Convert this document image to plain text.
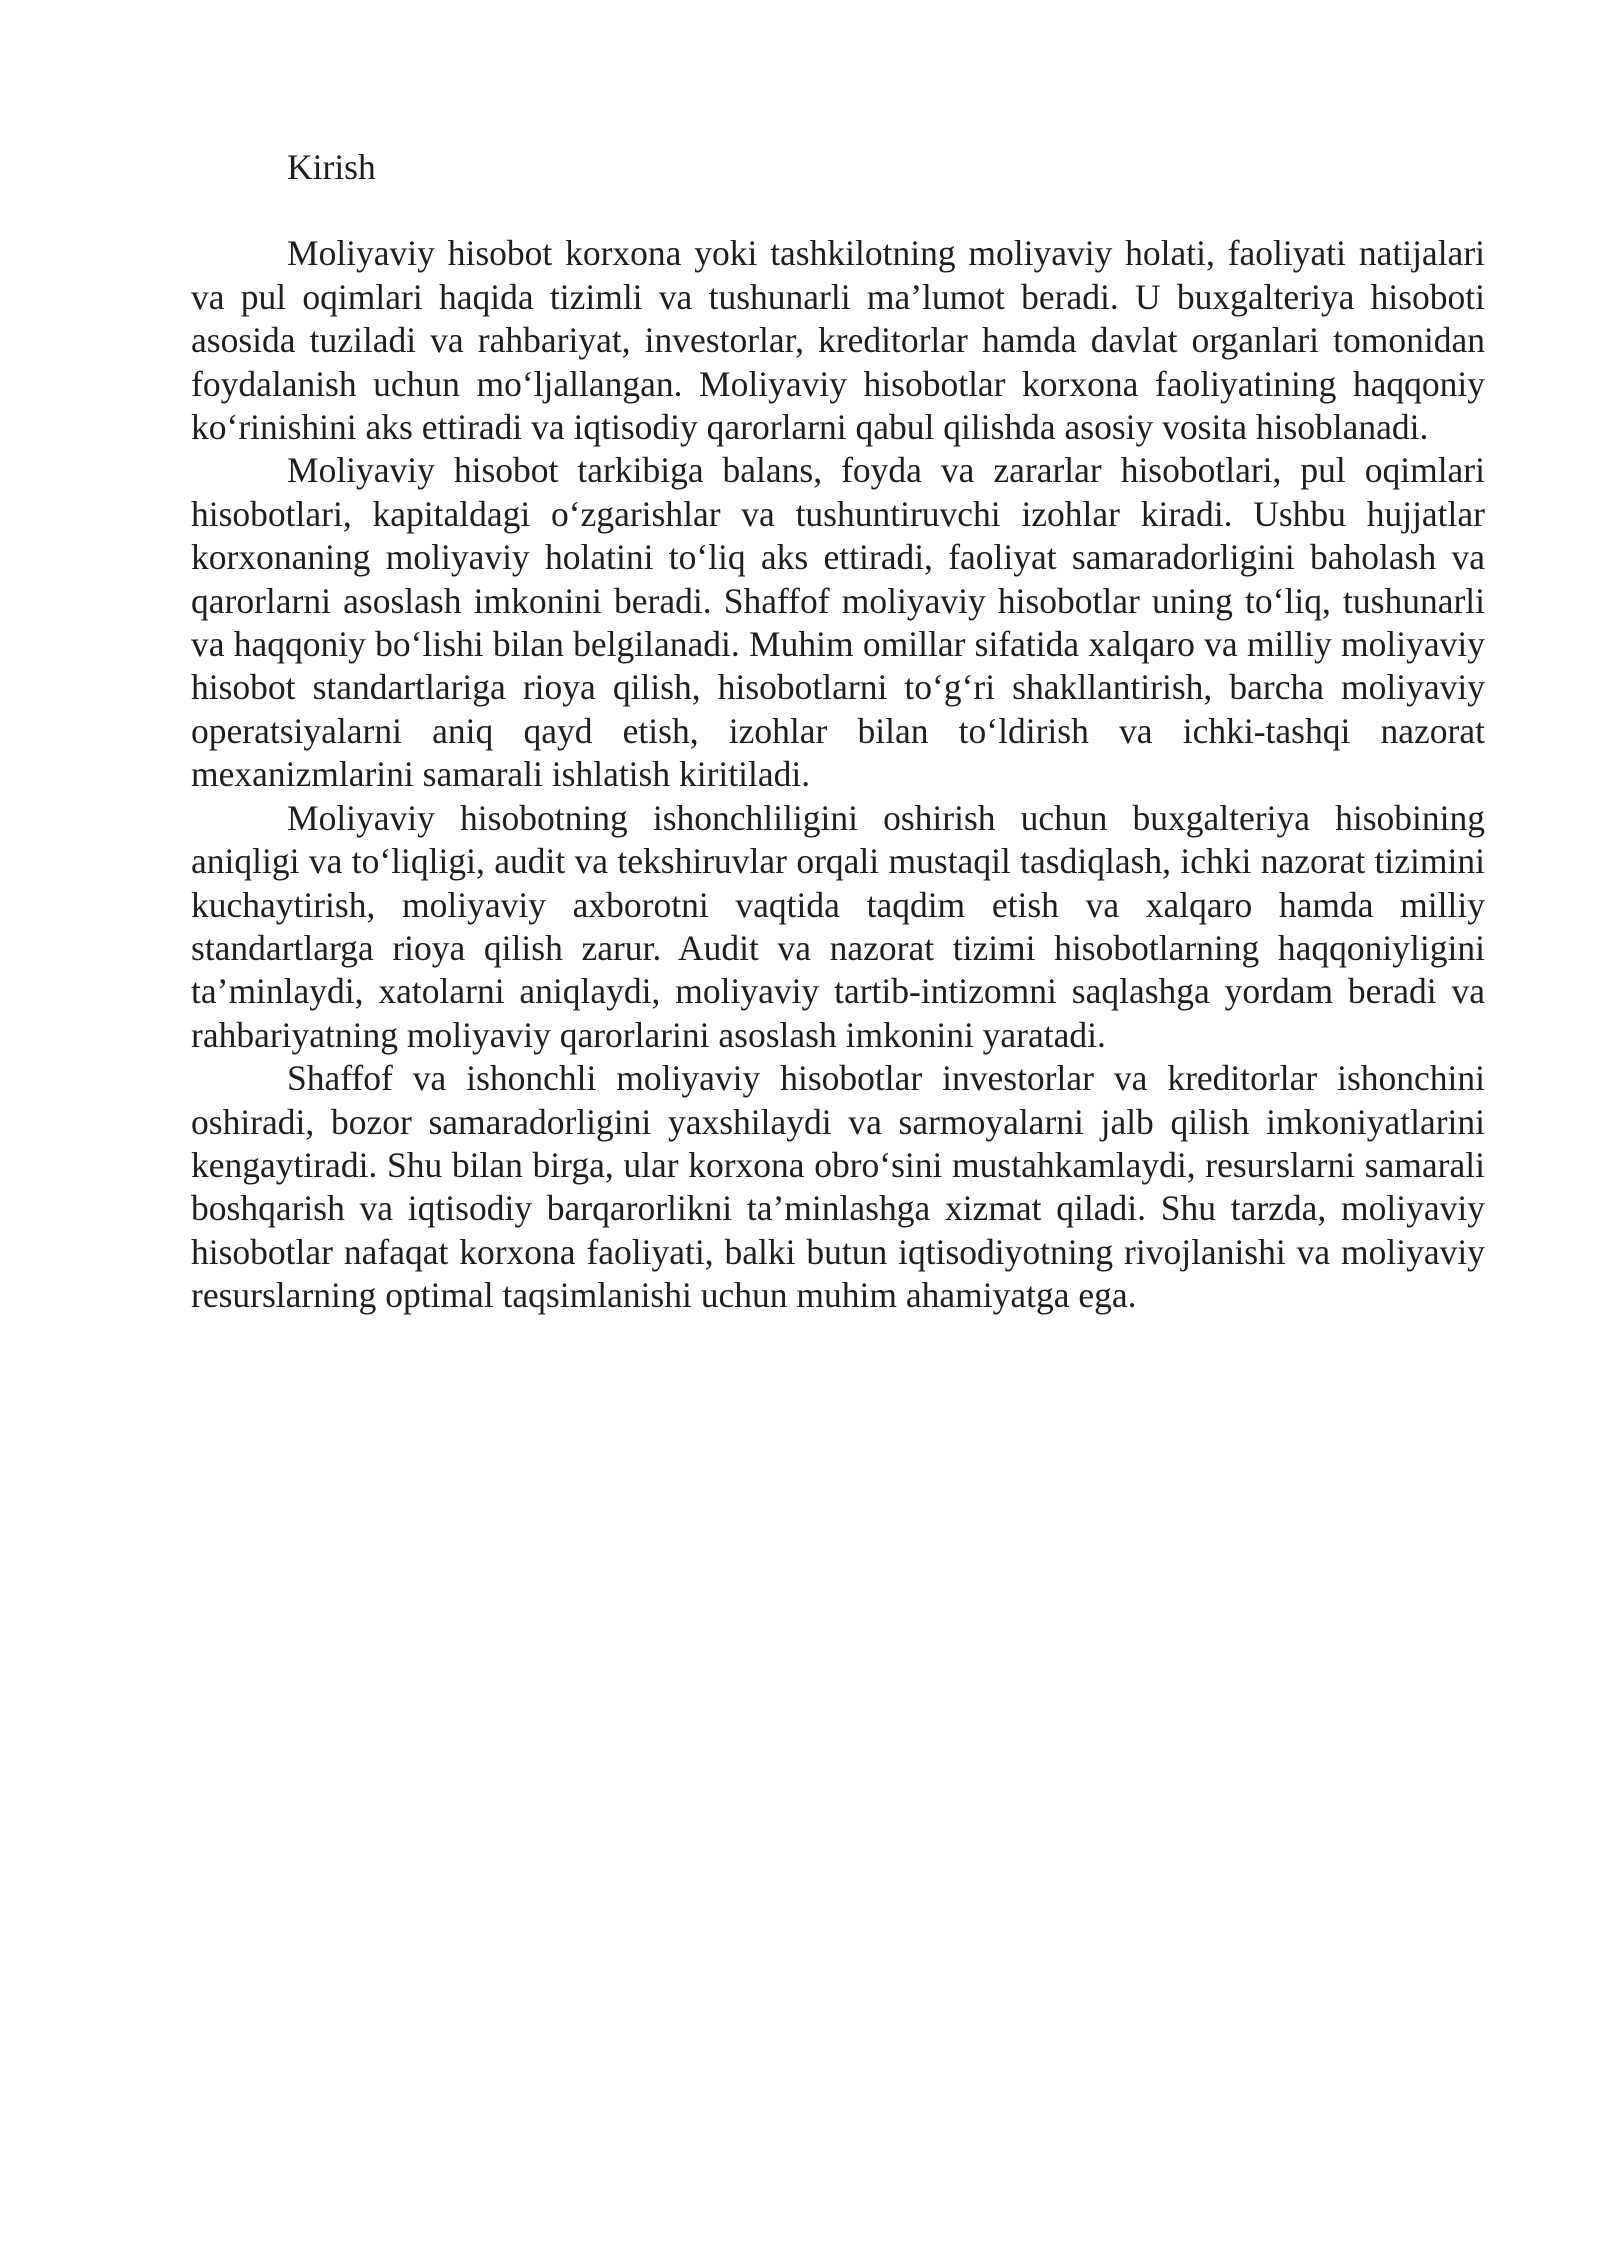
Kirish

Moliyaviy hisobot korxona yoki tashkilotning moliyaviy holati, faoliyati natijalari va pul oqimlari haqida tizimli va tushunarli ma’lumot beradi. U buxgalteriya hisoboti asosida tuziladi va rahbariyat, investorlar, kreditorlar hamda davlat organlari tomonidan foydalanish uchun mo‘ljallangan. Moliyaviy hisobotlar korxona faoliyatining haqqoniy ko‘rinishini aks ettiradi va iqtisodiy qarorlarni qabul qilishda asosiy vosita hisoblanadi.

Moliyaviy hisobot tarkibiga balans, foyda va zararlar hisobotlari, pul oqimlari hisobotlari, kapitaldagi o‘zgarishlar va tushuntiruvchi izohlar kiradi. Ushbu hujjatlar korxonaning moliyaviy holatini to‘liq aks ettiradi, faoliyat samaradorligini baholash va qarorlarni asoslash imkonini beradi. Shaffof moliyaviy hisobotlar uning to‘liq, tushunarli va haqqoniy bo‘lishi bilan belgilanadi. Muhim omillar sifatida xalqaro va milliy moliyaviy hisobot standartlariga rioya qilish, hisobotlarni to‘g‘ri shakllantirish, barcha moliyaviy operatsiyalarni aniq qayd etish, izohlar bilan to‘ldirish va ichki-tashqi nazorat mexanizmlarini samarali ishlatish kiritiladi.

Moliyaviy hisobotning ishonchliligini oshirish uchun buxgalteriya hisobining aniqligi va to‘liqligi, audit va tekshiruvlar orqali mustaqil tasdiqlash, ichki nazorat tizimini kuchaytirish, moliyaviy axborotni vaqtida taqdim etish va xalqaro hamda milliy standartlarga rioya qilish zarur. Audit va nazorat tizimi hisobotlarning haqqoniyligini ta’minlaydi, xatolarni aniqlaydi, moliyaviy tartib-intizomni saqlashga yordam beradi va rahbariyatning moliyaviy qarorlarini asoslash imkonini yaratadi.

Shaffof va ishonchli moliyaviy hisobotlar investorlar va kreditorlar ishonchini oshiradi, bozor samaradorligini yaxshilaydi va sarmoyalarni jalb qilish imkoniyatlarini kengaytiradi. Shu bilan birga, ular korxona obro‘sini mustahkamlaydi, resurslarni samarali boshqarish va iqtisodiy barqarorlikni ta’minlashga xizmat qiladi. Shu tarzda, moliyaviy hisobotlar nafaqat korxona faoliyati, balki butun iqtisodiyotning rivojlanishi va moliyaviy resurslarning optimal taqsimlanishi uchun muhim ahamiyatga ega.
